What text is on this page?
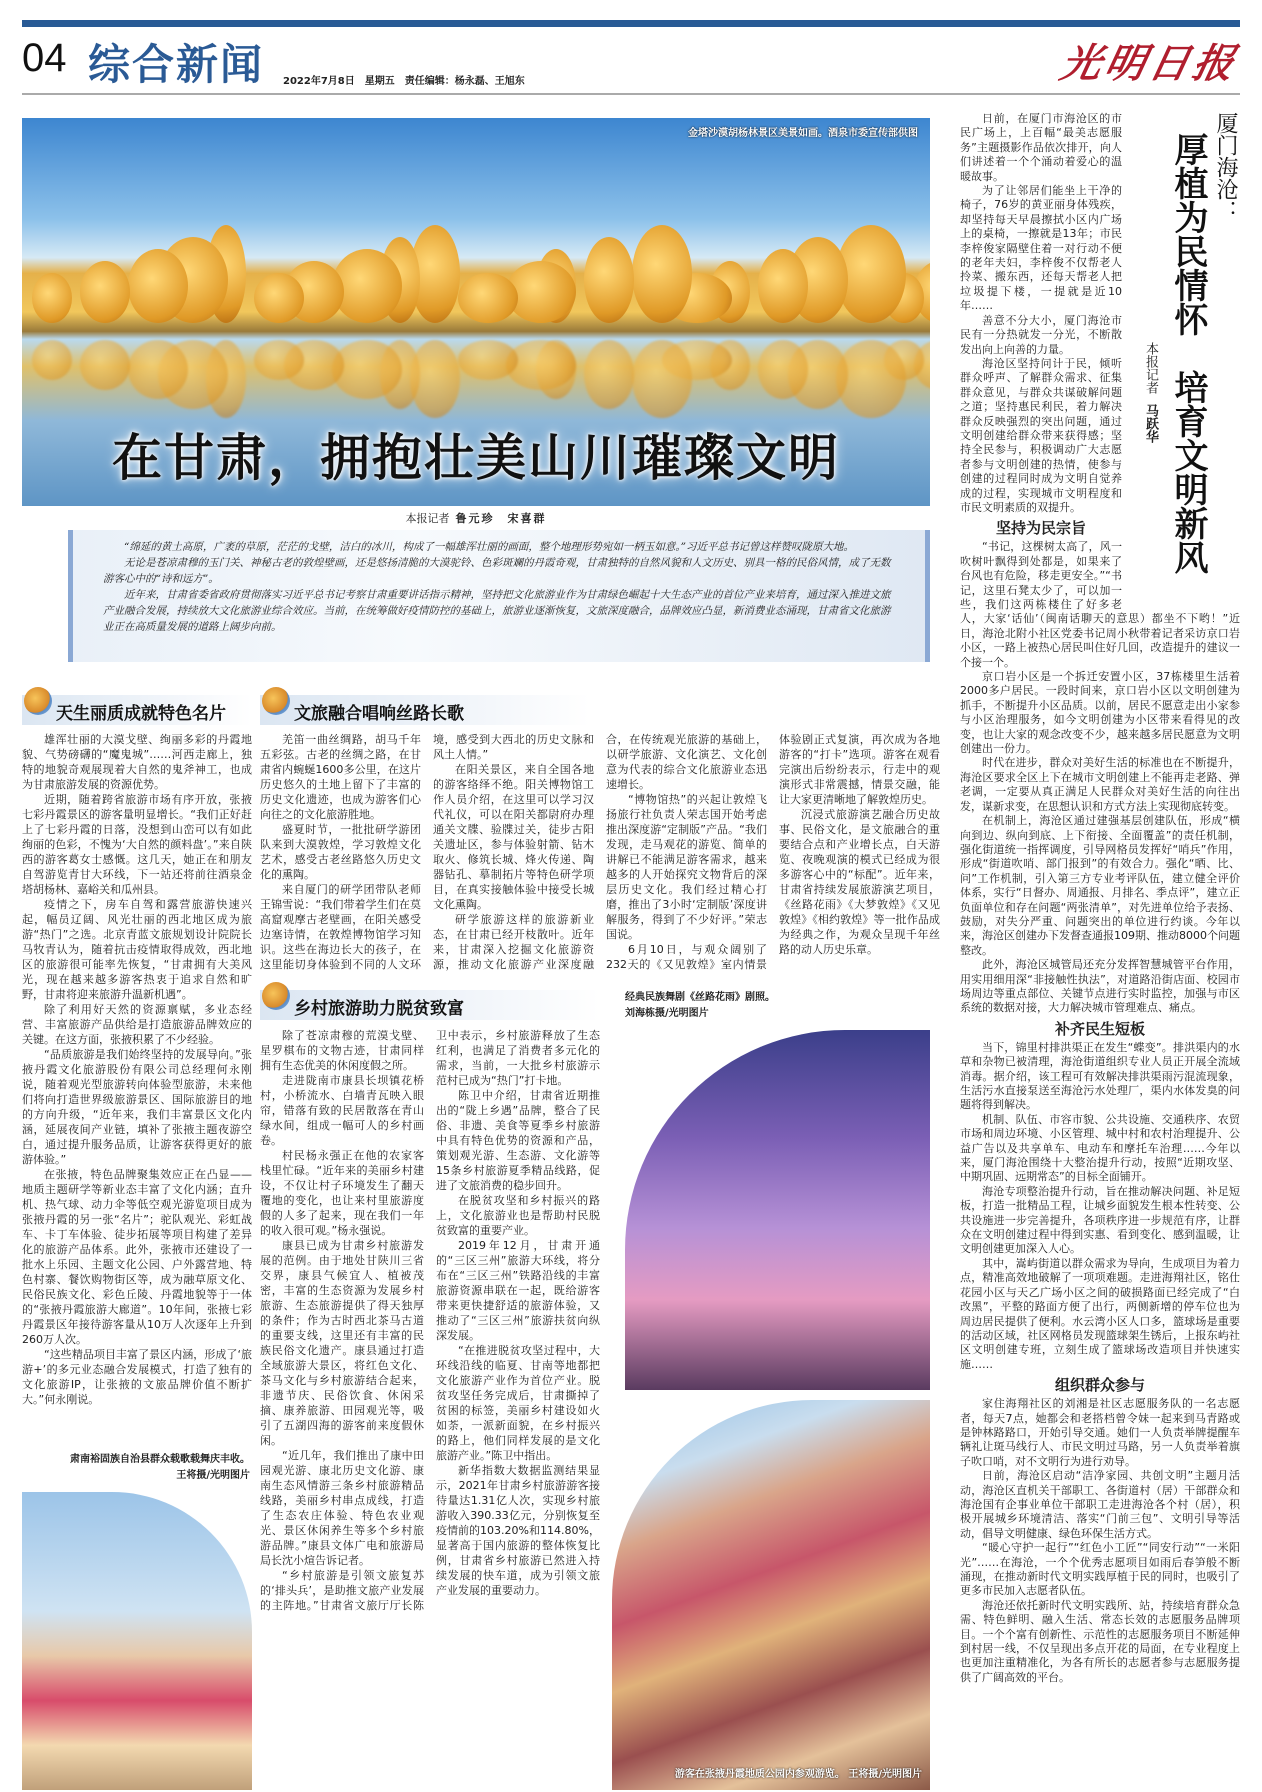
04 综合新闻 2022年7月8日　星期五　责任编辑：杨永磊、王旭东	光明日报
金塔沙漠胡杨林景区美景如画。酒泉市委宣传部供图
在甘肃，拥抱壮美山川璀璨文明
本报记者 鲁元珍　宋喜群

“绵延的黄土高原，广袤的草原，茫茫的戈壁，洁白的冰川，构成了一幅雄浑壮丽的画面，整个地理形势宛如一柄玉如意。”习近平总书记曾这样赞叹陇原大地。

无论是苍凉肃穆的玉门关、神秘古老的敦煌壁画，还是悠扬清脆的大漠驼铃、色彩斑斓的丹霞奇观，甘肃独特的自然风貌和人文历史、别具一格的民俗风情，成了无数游客心中的“诗和远方”。

近年来，甘肃省委省政府贯彻落实习近平总书记考察甘肃重要讲话指示精神，坚持把文化旅游业作为甘肃绿色崛起十大生态产业的首位产业来培育，通过深入推进文旅产业融合发展，持续放大文化旅游业综合效应。当前，在统筹做好疫情防控的基础上，旅游业逐渐恢复，文旅深度融合，品牌效应凸显，新消费业态涌现，甘肃省文化旅游业正在高质量发展的道路上阔步向前。

天生丽质成就特色名片

雄浑壮丽的大漠戈壁、绚丽多彩的丹霞地貌、气势磅礴的“魔鬼城”……河西走廊上，独特的地貌奇观展现着大自然的鬼斧神工，也成为甘肃旅游发展的资源优势。

近期，随着跨省旅游市场有序开放，张掖七彩丹霞景区的游客量明显增长。“我们正好赶上了七彩丹霞的日落，没想到山峦可以有如此绚丽的色彩，不愧为‘大自然的颜料盘’。”来自陕西的游客葛女士感慨。这几天，她正在和朋友自驾游览青甘大环线，下一站还将前往酒泉金塔胡杨林、嘉峪关和瓜州县。

疫情之下，房车自驾和露营旅游快速兴起，幅员辽阔、风光壮丽的西北地区成为旅游“热门”之选。北京青蓝文旅规划设计院院长马牧青认为，随着抗击疫情取得成效，西北地区的旅游很可能率先恢复，“甘肃拥有大美风光，现在越来越多游客热衷于追求自然和旷野，甘肃将迎来旅游升温新机遇”。

除了利用好天然的资源禀赋，多业态经营、丰富旅游产品供给是打造旅游品牌效应的关键。在这方面，张掖积累了不少经验。

“品质旅游是我们始终坚持的发展导向。”张掖丹霞文化旅游股份有限公司总经理何永刚说，随着观光型旅游转向体验型旅游，未来他们将向打造世界级旅游景区、国际旅游目的地的方向升级，“近年来，我们丰富景区文化内涵，延展夜间产业链，填补了张掖主题夜游空白，通过提升服务品质，让游客获得更好的旅游体验。”

在张掖，特色品牌聚集效应正在凸显——地质主题研学等新业态丰富了文化内涵；直升机、热气球、动力伞等低空观光游览项目成为张掖丹霞的另一张“名片”；驼队观光、彩虹战车、卡丁车体验、徒步拓展等项目构建了差异化的旅游产品体系。此外，张掖市还建设了一批水上乐园、主题文化公园、户外露营地、特色村寨、餐饮购物街区等，成为融草原文化、民俗民族文化、彩色丘陵、丹霞地貌等于一体的“张掖丹霞旅游大廊道”。10年间，张掖七彩丹霞景区年接待游客量从10万人次逐年上升到260万人次。

“这些精品项目丰富了景区内涵，形成了‘旅游+’的多元业态融合发展模式，打造了独有的文化旅游IP，让张掖的文旅品牌价值不断扩大。”何永刚说。

文旅融合唱响丝路长歌

羌笛一曲丝绸路，胡马千年五彩弦。古老的丝绸之路，在甘肃省内蜿蜒1600多公里，在这片历史悠久的土地上留下了丰富的历史文化遗迹，也成为游客们心向往之的文化旅游胜地。

盛夏时节，一批批研学游团队来到大漠敦煌，学习敦煌文化艺术，感受古老丝路悠久历史文化的熏陶。

来自厦门的研学团带队老师王锦雪说：“我们带着学生们在莫高窟观摩古老壁画，在阳关感受边塞诗情，在敦煌博物馆学习知识。这些在海边长大的孩子，在这里能切身体验到不同的人文环境，感受到大西北的历史文脉和风土人情。”

在阳关景区，来自全国各地的游客络绎不绝。阳关博物馆工作人员介绍，在这里可以学习汉代礼仪，可以在阳关都尉府办理通关文牒、验牒过关，徒步古阳关遗址区，参与体验射箭、钻木取火、修筑长城、烽火传递、陶器钻孔、摹制拓片等特色研学项目，在真实接触体验中接受长城文化熏陶。

研学旅游这样的旅游新业态，在甘肃已经开枝散叶。近年来，甘肃深入挖掘文化旅游资源，推动文化旅游产业深度融合，在传统观光旅游的基础上，以研学旅游、文化演艺、文化创意为代表的综合文化旅游业态迅速增长。

“博物馆热”的兴起让敦煌飞扬旅行社负责人荣志国开始考虑推出深度游“定制版”产品。“我们发现，走马观花的游览、简单的讲解已不能满足游客需求，越来越多的人开始探究文物背后的深层历史文化。我们经过精心打磨，推出了3小时‘定制版’深度讲解服务，得到了不少好评。”荣志国说。

6月10日，与观众阔别了232天的《又见敦煌》室内情景体验剧正式复演，再次成为各地游客的“打卡”选项。游客在观看完演出后纷纷表示，行走中的观演形式非常震撼，情景交融，能让大家更清晰地了解敦煌历史。

沉浸式旅游演艺融合历史故事、民俗文化，是文旅融合的重要结合点和产业增长点，白天游览、夜晚观演的模式已经成为很多游客心中的“标配”。近年来，甘肃省持续发展旅游演艺项目，《丝路花雨》《大梦敦煌》《又见敦煌》《相约敦煌》等一批作品成为经典之作，为观众呈现千年丝路的动人历史乐章。

乡村旅游助力脱贫致富

除了苍凉肃穆的荒漠戈壁、星罗棋布的文物古迹，甘肃同样拥有生态优美的休闲度假之所。

走进陇南市康县长坝镇花桥村，小桥流水、白墙青瓦映入眼帘，错落有致的民居散落在青山绿水间，组成一幅可人的乡村画卷。

村民杨永强正在他的农家客栈里忙碌。“近年来的美丽乡村建设，不仅让村子环境发生了翻天覆地的变化，也让来村里旅游度假的人多了起来，现在我们一年的收入很可观。”杨永强说。

康县已成为甘肃乡村旅游发展的范例。由于地处甘陕川三省交界，康县气候宜人、植被茂密，丰富的生态资源为发展乡村旅游、生态旅游提供了得天独厚的条件；作为古时西北茶马古道的重要支线，这里还有丰富的民族民俗文化遗产。康县通过打造全域旅游大景区，将红色文化、茶马文化与乡村旅游结合起来，非遗节庆、民俗饮食、休闲采摘、康养旅游、田园观光等，吸引了五湖四海的游客前来度假休闲。

“近几年，我们推出了康中田园观光游、康北历史文化游、康南生态风情游三条乡村旅游精品线路，美丽乡村串点成线，打造了生态农庄体验、特色农业观光、景区休闲养生等多个乡村旅游品牌。”康县文体广电和旅游局局长沈小煊告诉记者。

“乡村旅游是引领文旅复苏的‘排头兵’，是助推文旅产业发展的主阵地。”甘肃省文旅厅厅长陈卫中表示，乡村旅游释放了生态红利，也满足了消费者多元化的需求，当前，一大批乡村旅游示范村已成为“热门”打卡地。

陈卫中介绍，甘肃省近期推出的“陇上乡遇”品牌，整合了民俗、非遗、美食等夏季乡村旅游中具有特色优势的资源和产品，策划观光游、生态游、文化游等15条乡村旅游夏季精品线路，促进了文旅消费的稳步回升。

在脱贫攻坚和乡村振兴的路上，文化旅游业也是帮助村民脱贫致富的重要产业。

2019年12月，甘肃开通的“三区三州”旅游大环线，将分布在“三区三州”铁路沿线的丰富旅游资源串联在一起，既给游客带来更快捷舒适的旅游体验，又推动了“三区三州”旅游扶贫向纵深发展。

“在推进脱贫攻坚过程中，大环线沿线的临夏、甘南等地都把文化旅游产业作为首位产业。脱贫攻坚任务完成后，甘肃撕掉了贫困的标签，美丽乡村建设如火如荼，一派新面貌，在乡村振兴的路上，他们同样发展的是文化旅游产业。”陈卫中指出。

新华指数大数据监测结果显示，2021年甘肃乡村旅游游客接待量达1.31亿人次，实现乡村旅游收入390.33亿元，分别恢复至疫情前的103.20%和114.80%，显著高于国内旅游的整体恢复比例，甘肃省乡村旅游已然进入持续发展的快车道，成为引领文旅产业发展的重要动力。

肃南裕固族自治县群众载歌载舞庆丰收。
王将摄/光明图片
经典民族舞剧《丝路花雨》剧照。
刘海栋摄/光明图片
游客在张掖丹霞地质公园内参观游览。 王将摄/光明图片
厦门海沧：
厚植为民情怀　培育文明新风
本报记者马跃华

日前，在厦门市海沧区的市民广场上，上百幅“最美志愿服务”主题摄影作品依次排开，向人们讲述着一个个涌动着爱心的温暖故事。

为了让邻居们能坐上干净的椅子，76岁的黄亚丽身体残疾，却坚持每天早晨擦拭小区内广场上的桌椅，一擦就是13年；市民李梓俊家隔壁住着一对行动不便的老年夫妇，李梓俊不仅帮老人拎菜、搬东西，还每天帮老人把垃圾提下楼，一提就是近10年……

善意不分大小，厦门海沧市民有一分热就发一分光，不断散发出向上向善的力量。

海沧区坚持问计于民，倾听群众呼声、了解群众需求、征集群众意见，与群众共谋破解问题之道；坚持惠民利民，着力解决群众反映强烈的突出问题，通过文明创建给群众带来获得感；坚持全民参与，积极调动广大志愿者参与文明创建的热情，使参与创建的过程同时成为文明自觉养成的过程，实现城市文明程度和市民文明素质的双提升。

坚持为民宗旨

“书记，这棵树太高了，风一吹树叶飘得到处都是，如果来了台风也有危险，移走更安全。”“书记，这里石凳太少了，可以加一些，我们这两栋楼住了好多老人，大家‘话仙’（闽南话聊天的意思）都坐不下哟！”近日，海沧北附小社区党委书记周小秋带着记者采访京口岩小区，一路上被热心居民叫住好几回，改造提升的建议一个接一个。

京口岩小区是一个拆迁安置小区，37栋楼里生活着2000多户居民。一段时间来，京口岩小区以文明创建为抓手，不断提升小区品质。以前，居民不愿意走出小家参与小区治理服务，如今文明创建为小区带来看得见的改变，也让大家的观念改变不少，越来越多居民愿意为文明创建出一份力。

时代在进步，群众对美好生活的标准也在不断提升，海沧区要求全区上下在城市文明创建上不能再走老路、弹老调，一定要从真正满足人民群众对美好生活的向往出发，谋新求变，在思想认识和方式方法上实现彻底转变。

在机制上，海沧区通过建强基层创建队伍，形成“横向到边、纵向到底、上下衔接、全面覆盖”的责任机制，强化街道统一指挥调度，引导网格员发挥好“哨兵”作用，形成“街道吹哨、部门报到”的有效合力。强化“晒、比、问”工作机制，引入第三方专业考评队伍，建立健全评价体系，实行“日督办、周通报、月排名、季点评”，建立正负面单位和存在问题“两张清单”，对先进单位给予表扬、鼓励，对失分严重、问题突出的单位进行约谈。今年以来，海沧区创建办下发督查通报109期、推动8000个问题整改。

此外，海沧区城管局还充分发挥智慧城管平台作用，用实用细用深“非接触性执法”，对道路沿街店面、校园市场周边等重点部位、关键节点进行实时监控，加强与市区系统的数据对接，大力解决城市管理难点、痛点。

补齐民生短板

当下，锦里村排洪渠正在发生“蝶变”。排洪渠内的水草和杂物已被清理，海沧街道组织专业人员正开展全流域消毒。据介绍，该工程可有效解决排洪渠雨污混流现象，生活污水直接泵送至海沧污水处理厂，渠内水体发臭的问题将得到解决。

机制、队伍、市容市貌、公共设施、交通秩序、农贸市场和周边环境、小区管理、城中村和农村治理提升、公益广告以及共享单车、电动车和摩托车治理……今年以来，厦门海沧围绕十大整治提升行动，按照“近期攻坚、中期巩固、远期常态”的目标全面铺开。

海沧专项整治提升行动，旨在推动解决问题、补足短板，打造一批精品工程，让城乡面貌发生根本性转变、公共设施进一步完善提升，各项秩序进一步规范有序，让群众在文明创建过程中得到实惠、看到变化、感到温暖，让文明创建更加深入人心。

其中，嵩屿街道以群众需求为导向，生成项目为着力点，精准高效地破解了一项项难题。走进海翔社区，铭仕花园小区与天乙广场小区之间的破损路面已经完成了“白改黑”，平整的路面方便了出行，两侧新增的停车位也为周边居民提供了便利。水云湾小区人口多，篮球场是重要的活动区域，社区网格员发现篮球架生锈后，上报东屿社区文明创建专班，立刻生成了篮球场改造项目并快速实施……

组织群众参与

家住海翔社区的刘湘是社区志愿服务队的一名志愿者，每天7点，她都会和老搭档曾令妹一起来到马青路或是钟林路路口，开始引导交通。她们一人负责举牌提醒车辆礼让斑马线行人、市民文明过马路，另一人负责举着旗子吹口哨，对不文明行为进行劝导。

日前，海沧区启动“洁净家园、共创文明”主题月活动，海沧区直机关干部职工、各街道村（居）干部群众和海沧国有企事业单位干部职工走进海沧各个村（居），积极开展城乡环境清洁、落实“门前三包”、文明引导等活动，倡导文明健康、绿色环保生活方式。

“暖心守护一起行”“红色小工匠”“同安行动”“一米阳光”……在海沧，一个个优秀志愿项目如雨后春笋般不断涌现，在推动新时代文明实践厚植于民的同时，也吸引了更多市民加入志愿者队伍。

海沧还依托新时代文明实践所、站，持续培育群众急需、特色鲜明、融入生活、常态长效的志愿服务品牌项目。一个个富有创新性、示范性的志愿服务项目不断延伸到村居一线，不仅呈现出多点开花的局面，在专业程度上也更加注重精准化，为各有所长的志愿者参与志愿服务提供了广阔高效的平台。
